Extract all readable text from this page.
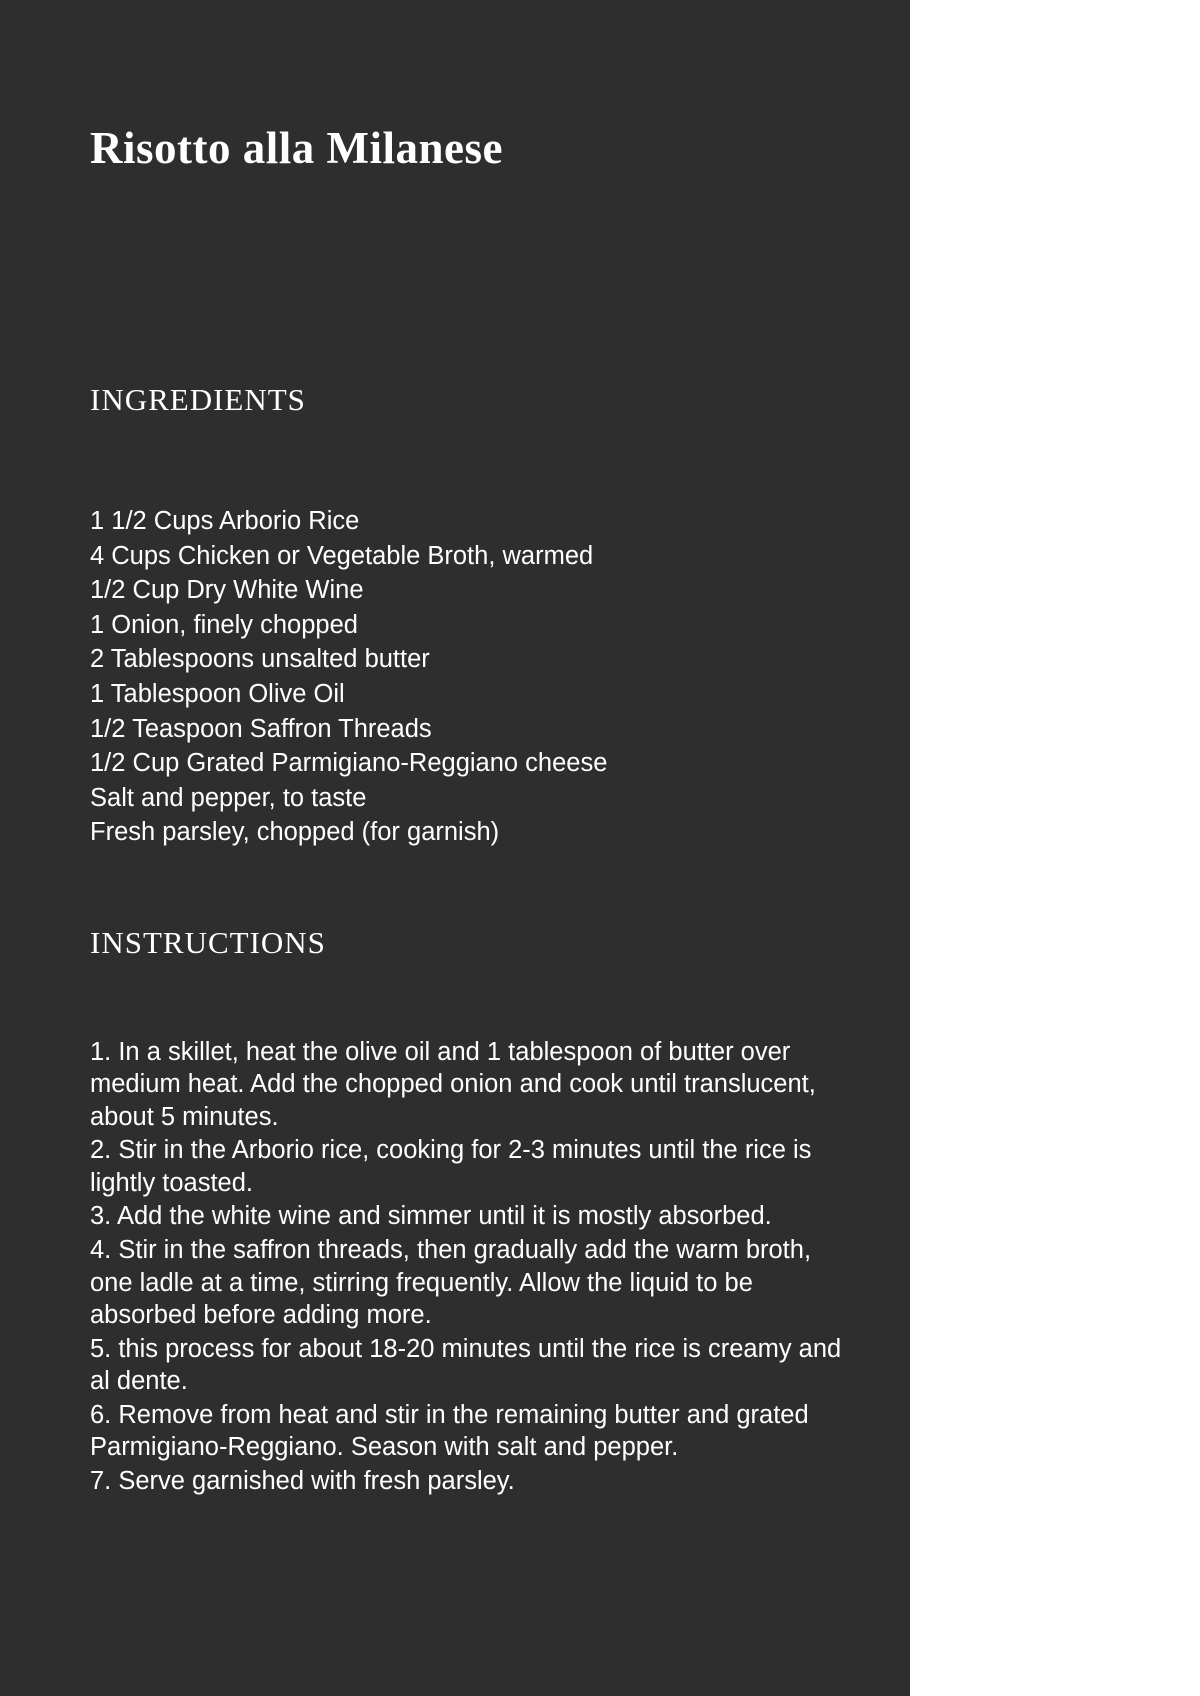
Risotto alla Milanese
INGREDIENTS
1 1/2 Cups Arborio Rice
4 Cups Chicken or Vegetable Broth, warmed
1/2 Cup Dry White Wine
1 Onion, finely chopped
2 Tablespoons unsalted butter
1 Tablespoon Olive Oil
1/2 Teaspoon Saffron Threads
1/2 Cup Grated Parmigiano-Reggiano cheese
Salt and pepper, to taste
Fresh parsley, chopped (for garnish)
INSTRUCTIONS
1. In a skillet, heat the olive oil and 1 tablespoon of butter over medium heat. Add the chopped onion and cook until translucent, about 5 minutes.
2. Stir in the Arborio rice, cooking for 2-3 minutes until the rice is lightly toasted.
3. Add the white wine and simmer until it is mostly absorbed.
4. Stir in the saffron threads, then gradually add the warm broth, one ladle at a time, stirring frequently. Allow the liquid to be absorbed before adding more.
5. this process for about 18-20 minutes until the rice is creamy and al dente.
6. Remove from heat and stir in the remaining butter and grated Parmigiano-Reggiano. Season with salt and pepper.
7. Serve garnished with fresh parsley.
